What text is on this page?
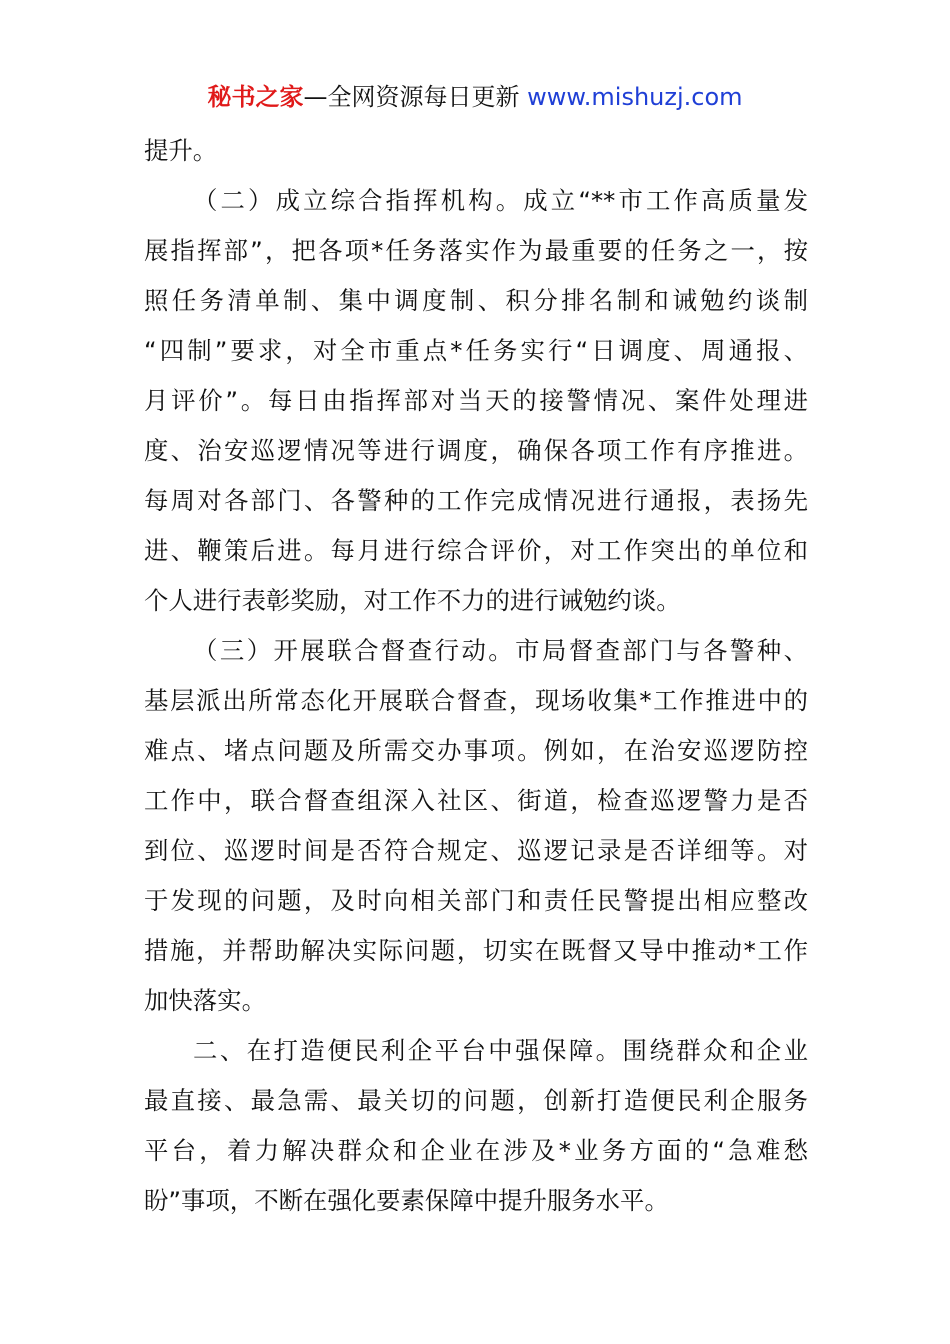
秘书之家—全网资源每日更新 www.mishuzj.com
提升。
（二）成立综合指挥机构。成立“**市工作高质量发
展指挥部”，把各项*任务落实作为最重要的任务之一，按
照任务清单制、集中调度制、积分排名制和诫勉约谈制
“四制”要求，对全市重点*任务实行“日调度、周通报、
月评价”。每日由指挥部对当天的接警情况、案件处理进
度、治安巡逻情况等进行调度，确保各项工作有序推进。
每周对各部门、各警种的工作完成情况进行通报，表扬先
进、鞭策后进。每月进行综合评价，对工作突出的单位和
个人进行表彰奖励，对工作不力的进行诫勉约谈。
（三）开展联合督查行动。市局督查部门与各警种、
基层派出所常态化开展联合督查，现场收集*工作推进中的
难点、堵点问题及所需交办事项。例如，在治安巡逻防控
工作中，联合督查组深入社区、街道，检查巡逻警力是否
到位、巡逻时间是否符合规定、巡逻记录是否详细等。对
于发现的问题，及时向相关部门和责任民警提出相应整改
措施，并帮助解决实际问题，切实在既督又导中推动*工作
加快落实。
二、在打造便民利企平台中强保障。围绕群众和企业
最直接、最急需、最关切的问题，创新打造便民利企服务
平台，着力解决群众和企业在涉及*业务方面的“急难愁
盼”事项，不断在强化要素保障中提升服务水平。
